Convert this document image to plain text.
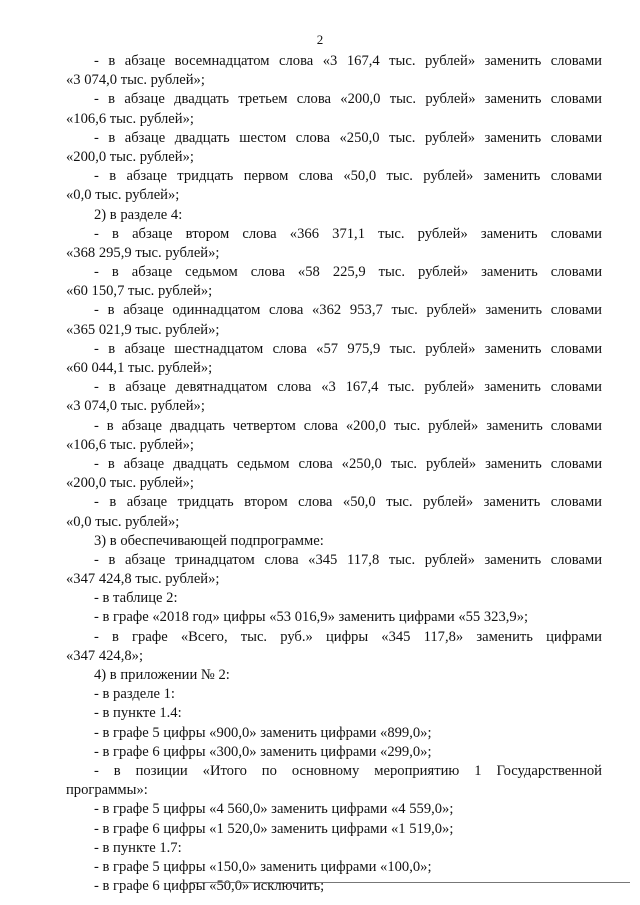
2
- в абзаце восемнадцатом слова «3 167,4 тыс. рублей» заменить словами
«3 074,0 тыс. рублей»;
- в абзаце двадцать третьем слова «200,0 тыс. рублей» заменить словами
«106,6 тыс. рублей»;
- в абзаце двадцать шестом слова «250,0 тыс. рублей» заменить словами
«200,0 тыс. рублей»;
- в абзаце тридцать первом слова «50,0 тыс. рублей» заменить словами
«0,0 тыс. рублей»;
2) в разделе 4:
- в абзаце втором слова «366 371,1 тыс. рублей» заменить словами
«368 295,9 тыс. рублей»;
- в абзаце седьмом слова «58 225,9 тыс. рублей» заменить словами
«60 150,7 тыс. рублей»;
- в абзаце одиннадцатом слова «362 953,7 тыс. рублей» заменить словами
«365 021,9 тыс. рублей»;
- в абзаце шестнадцатом слова «57 975,9 тыс. рублей» заменить словами
«60 044,1 тыс. рублей»;
- в абзаце девятнадцатом слова «3 167,4 тыс. рублей» заменить словами
«3 074,0 тыс. рублей»;
- в абзаце двадцать четвертом слова «200,0 тыс. рублей» заменить словами
«106,6 тыс. рублей»;
- в абзаце двадцать седьмом слова «250,0 тыс. рублей» заменить словами
«200,0 тыс. рублей»;
- в абзаце тридцать втором слова «50,0 тыс. рублей» заменить словами
«0,0 тыс. рублей»;
3) в обеспечивающей подпрограмме:
- в абзаце тринадцатом слова «345 117,8 тыс. рублей» заменить словами
«347 424,8 тыс. рублей»;
- в таблице 2:
- в графе «2018 год» цифры «53 016,9» заменить цифрами «55 323,9»;
- в графе «Всего, тыс. руб.» цифры «345 117,8» заменить цифрами
«347 424,8»;
4) в приложении № 2:
- в разделе 1:
- в пункте 1.4:
- в графе 5 цифры «900,0» заменить цифрами «899,0»;
- в графе 6 цифры «300,0» заменить цифрами «299,0»;
- в позиции «Итого по основному мероприятию 1 Государственной
программы»:
- в графе 5 цифры «4 560,0» заменить цифрами «4 559,0»;
- в графе 6 цифры «1 520,0» заменить цифрами «1 519,0»;
- в пункте 1.7:
- в графе 5 цифры «150,0» заменить цифрами «100,0»;
- в графе 6 цифры «50,0» исключить;
